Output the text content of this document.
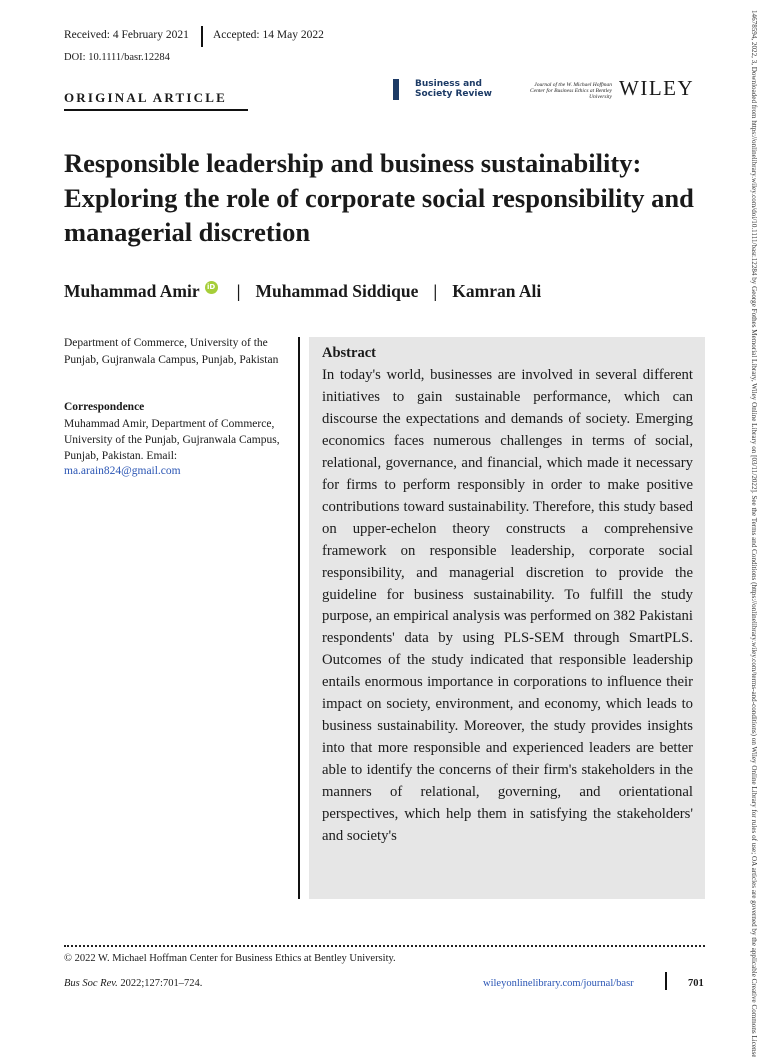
Received: 4 February 2021 Accepted: 14 May 2022
DOI: 10.1111/basr.12284
ORIGINAL ARTICLE
Business and
Society Review
Journal of the W. Michael Hoffman Center for Business Ethics at Bentley University WILEY
Responsible leadership and business sustainability: Exploring the role of corporate social responsibility and managerial discretion
Muhammad Amir	iD | Muhammad Siddique | Kamran Ali
Department of Commerce, University of the Punjab, Gujranwala Campus, Punjab, Pakistan
Correspondence
Muhammad Amir, Department of Commerce, University of the Punjab, Gujranwala Campus, Punjab, Pakistan. Email: ma.arain824@gmail.com
Abstract

In today's world, businesses are involved in several different initiatives to gain sustainable performance, which can discourse the expectations and demands of society. Emerging economics faces numerous challenges in terms of social, relational, governance, and financial, which made it necessary for firms to perform responsibly in order to make positive contributions toward sustainability. Therefore, this study based on upper-echelon theory constructs a comprehensive framework on responsible leadership, corporate social responsibility, and managerial discretion to provide the guideline for business sustainability. To fulfill the study purpose, an empirical analysis was performed on 382 Pakistani respondents' data by using PLS-SEM through SmartPLS. Outcomes of the study indicated that responsible leadership entails enormous importance in corporations to influence their impact on society, environment, and economy, which leads to business sustainability. Moreover, the study provides insights into that more responsible and experienced leaders are better able to identify the concerns of their firm's stakeholders in the manners of relational, governing, and orientational perspectives, which help them in satisfying the stakeholders' and society's

© 2022 W. Michael Hoffman Center for Business Ethics at Bentley University.
Bus Soc Rev. 2022;127:701–724.	wileyonlinelibrary.com/journal/basr	701	14678594, 2022, 3, Downloaded from https://onlinelibrary.wiley.com/doi/10.1111/basr.12284 by George Fothes Memorial Library, Wiley Online Library on [03/11/2022]. See the Terms and Conditions (https://onlinelibrary.wiley.com/terms-and-conditions) on Wiley Online Library for rules of use; OA articles are governed by the applicable Creative Commons License
